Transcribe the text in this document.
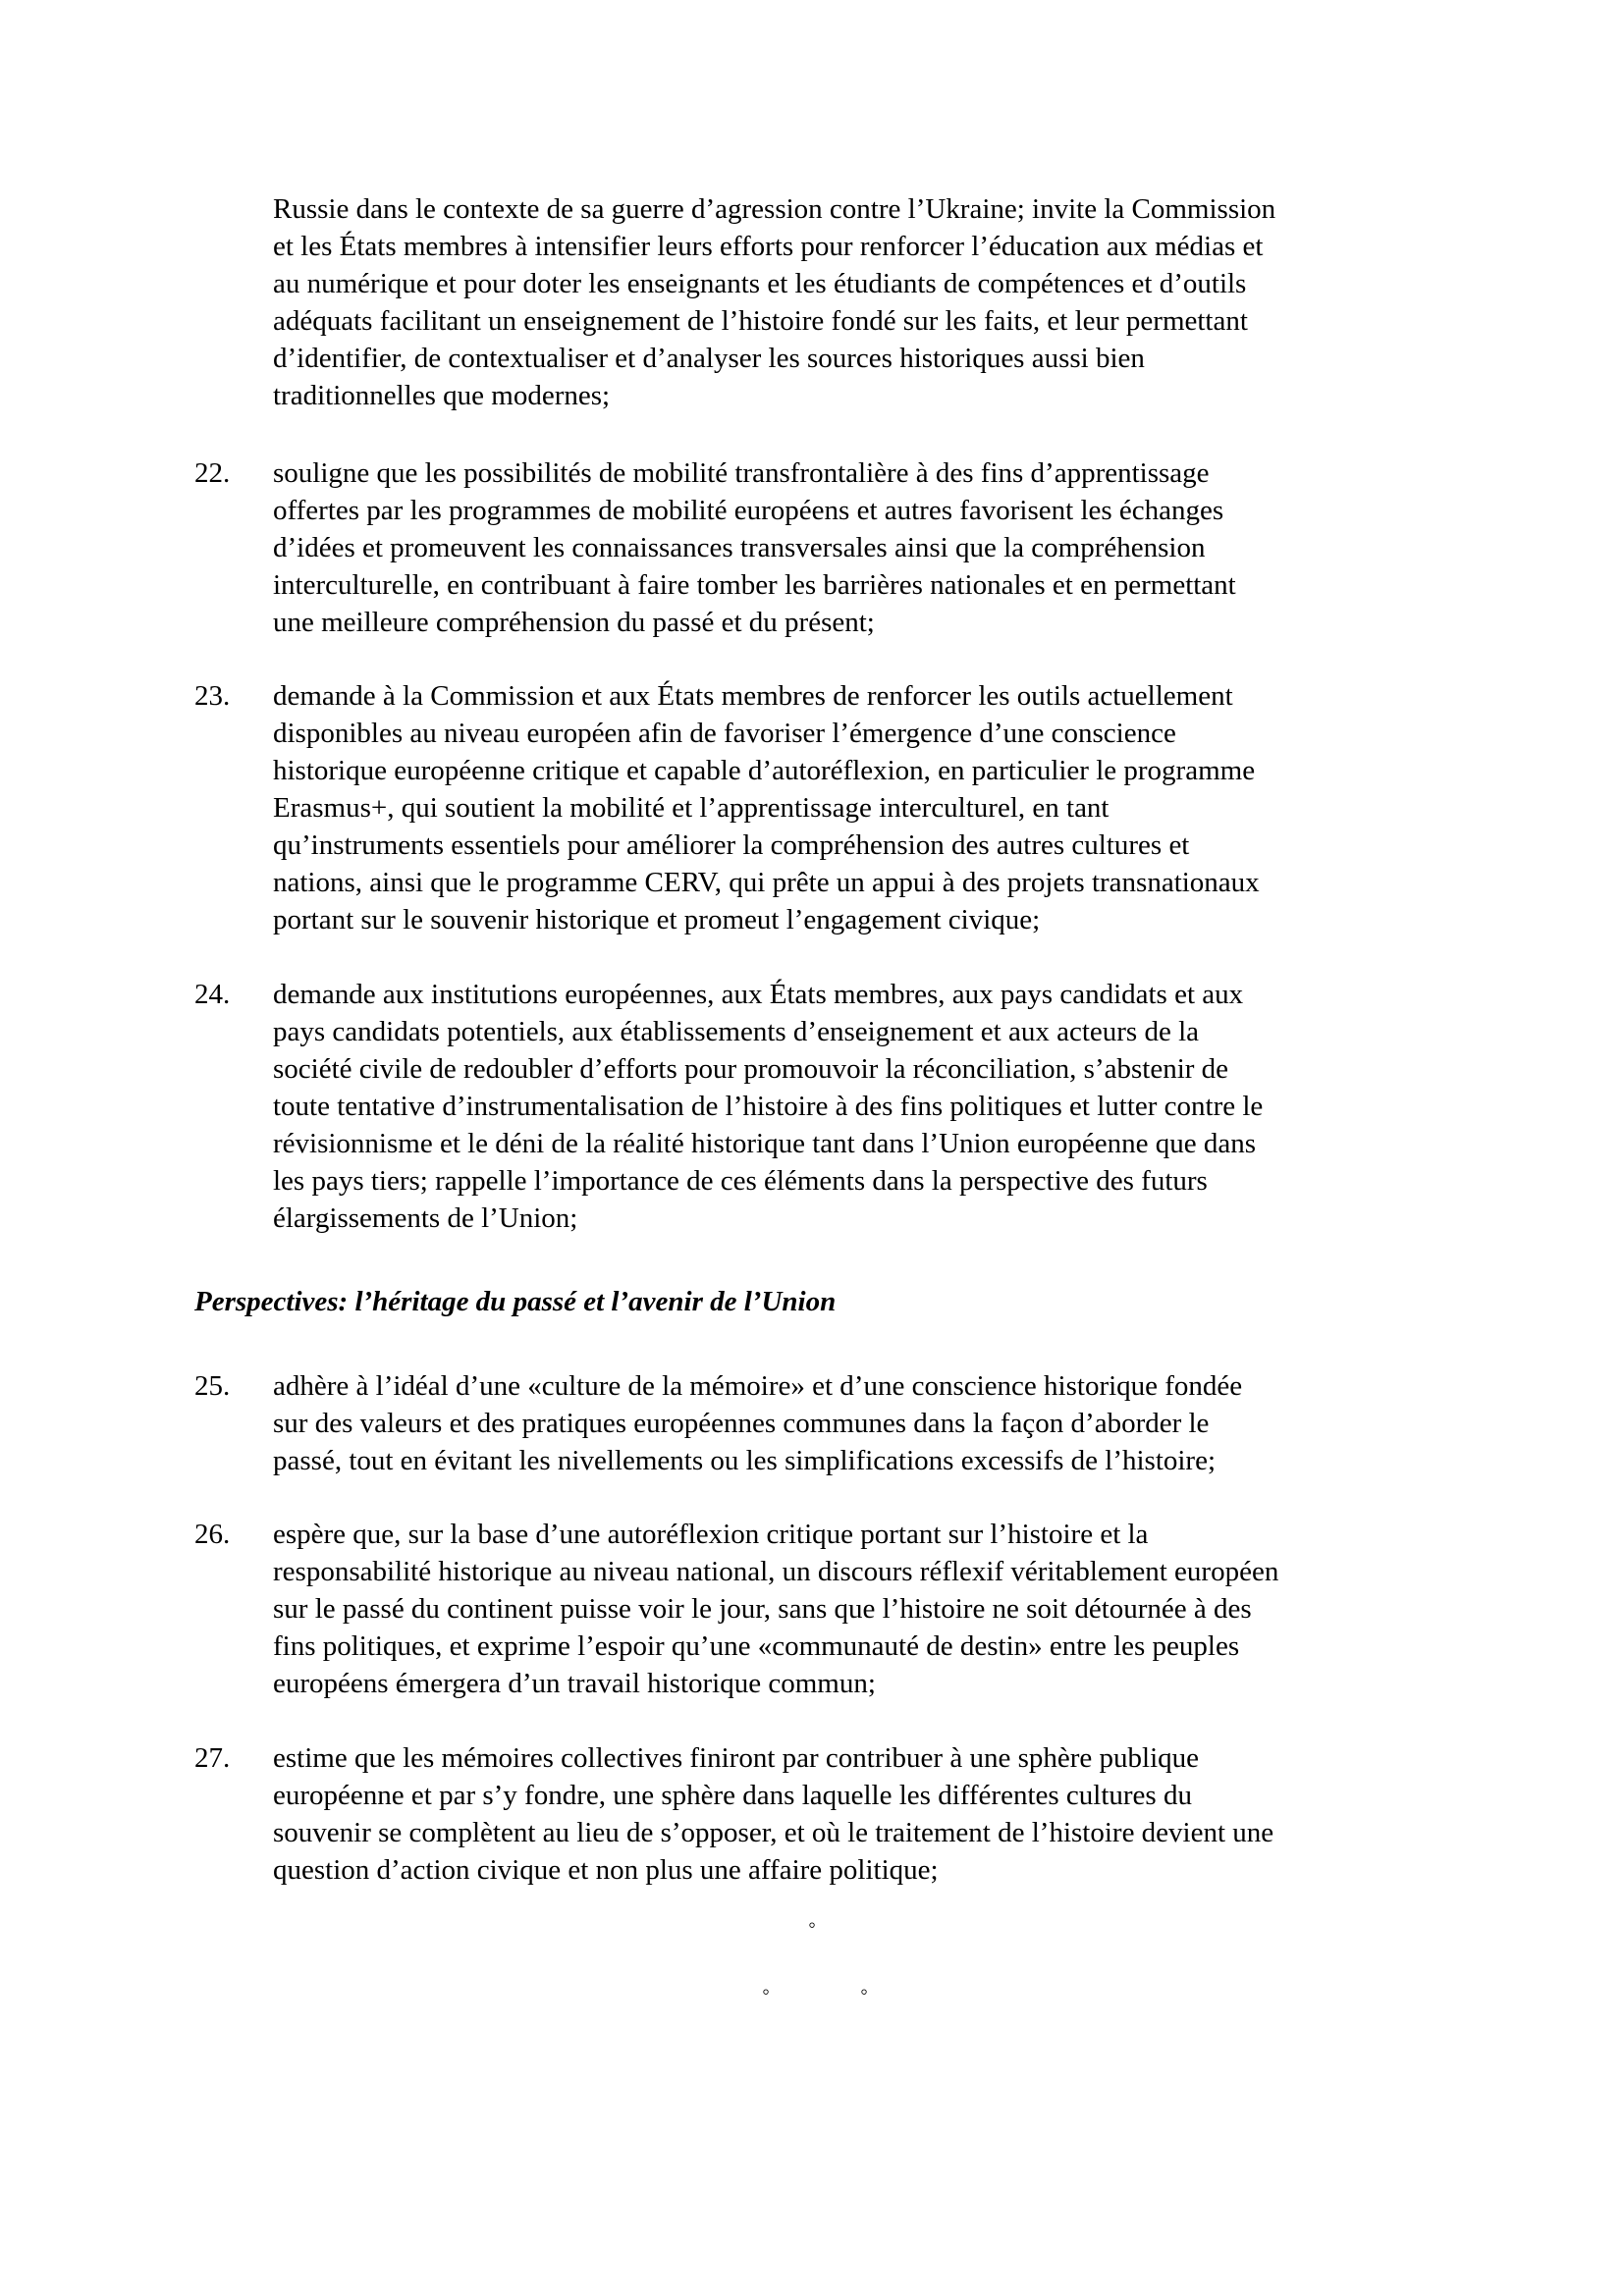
Russie dans le contexte de sa guerre d’agression contre l’Ukraine; invite la Commission
et les États membres à intensifier leurs efforts pour renforcer l’éducation aux médias et
au numérique et pour doter les enseignants et les étudiants de compétences et d’outils
adéquats facilitant un enseignement de l’histoire fondé sur les faits, et leur permettant
d’identifier, de contextualiser et d’analyser les sources historiques aussi bien
traditionnelles que modernes;
22.	souligne que les possibilités de mobilité transfrontalière à des fins d’apprentissage
offertes par les programmes de mobilité européens et autres favorisent les échanges
d’idées et promeuvent les connaissances transversales ainsi que la compréhension
interculturelle, en contribuant à faire tomber les barrières nationales et en permettant
une meilleure compréhension du passé et du présent;
23.	demande à la Commission et aux États membres de renforcer les outils actuellement
disponibles au niveau européen afin de favoriser l’émergence d’une conscience
historique européenne critique et capable d’autoréflexion, en particulier le programme
Erasmus+, qui soutient la mobilité et l’apprentissage interculturel, en tant
qu’instruments essentiels pour améliorer la compréhension des autres cultures et
nations, ainsi que le programme CERV, qui prête un appui à des projets transnationaux
portant sur le souvenir historique et promeut l’engagement civique;
24.	demande aux institutions européennes, aux États membres, aux pays candidats et aux
pays candidats potentiels, aux établissements d’enseignement et aux acteurs de la
société civile de redoubler d’efforts pour promouvoir la réconciliation, s’abstenir de
toute tentative d’instrumentalisation de l’histoire à des fins politiques et lutter contre le
révisionnisme et le déni de la réalité historique tant dans l’Union européenne que dans
les pays tiers; rappelle l’importance de ces éléments dans la perspective des futurs
élargissements de l’Union;
Perspectives: l’héritage du passé et l’avenir de l’Union
25.	adhère à l’idéal d’une «culture de la mémoire» et d’une conscience historique fondée
sur des valeurs et des pratiques européennes communes dans la façon d’aborder le
passé, tout en évitant les nivellements ou les simplifications excessifs de l’histoire;
26.	espère que, sur la base d’une autoréflexion critique portant sur l’histoire et la
responsabilité historique au niveau national, un discours réflexif véritablement européen
sur le passé du continent puisse voir le jour, sans que l’histoire ne soit détournée à des
fins politiques, et exprime l’espoir qu’une «communauté de destin» entre les peuples
européens émergera d’un travail historique commun;
27.	estime que les mémoires collectives finiront par contribuer à une sphère publique
européenne et par s’y fondre, une sphère dans laquelle les différentes cultures du
souvenir se complètent au lieu de s’opposer, et où le traitement de l’histoire devient une
question d’action civique et non plus une affaire politique;
◦
◦	◦
